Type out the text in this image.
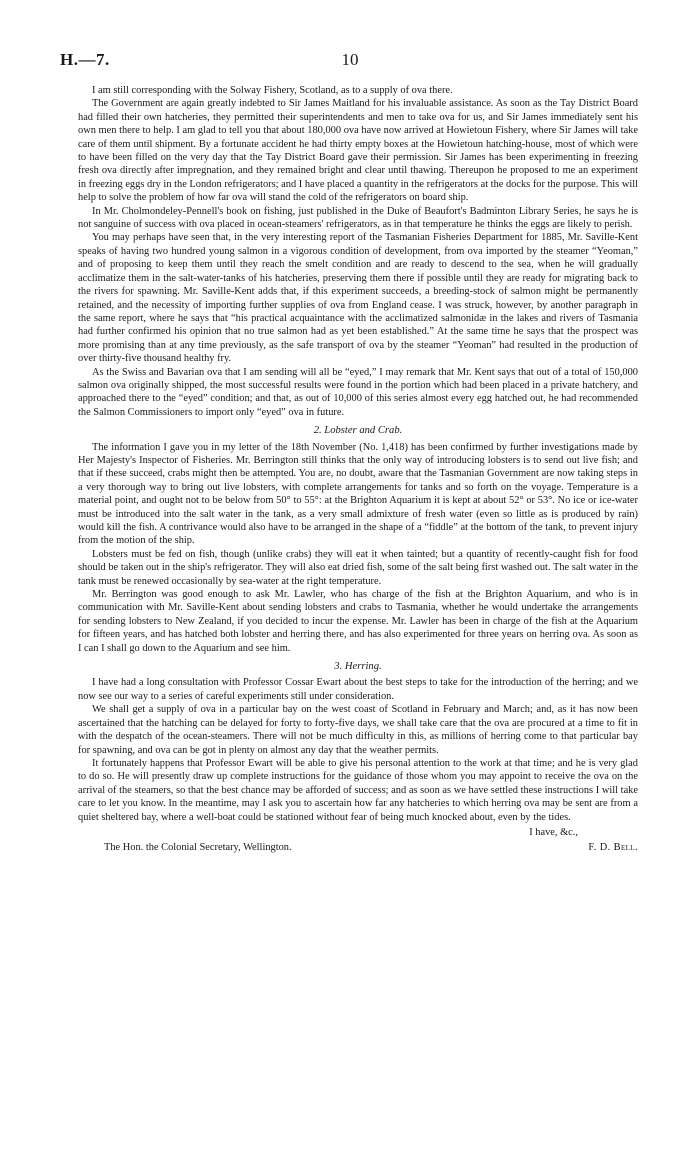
H.—7.	10

I am still corresponding with the Solway Fishery, Scotland, as to a supply of ova there.

The Government are again greatly indebted to Sir James Maitland for his invaluable assistance. As soon as the Tay District Board had filled their own hatcheries, they permitted their superintendents and men to take ova for us, and Sir James immediately sent his own men there to help. I am glad to tell you that about 180,000 ova have now arrived at Howietoun Fishery, where Sir James will take care of them until shipment. By a fortunate accident he had thirty empty boxes at the Howietoun hatching-house, most of which were to have been filled on the very day that the Tay District Board gave their permission. Sir James has been experimenting in freezing fresh ova directly after impregnation, and they remained bright and clear until thawing. Thereupon he proposed to me an experiment in freezing eggs dry in the London refrigerators; and I have placed a quantity in the refrigerators at the docks for the purpose. This will help to solve the problem of how far ova will stand the cold of the refrigerators on board ship.

In Mr. Cholmondeley-Pennell's book on fishing, just published in the Duke of Beaufort's Badminton Library Series, he says he is not sanguine of success with ova placed in ocean-steamers' refrigerators, as in that temperature he thinks the eggs are likely to perish.

You may perhaps have seen that, in the very interesting report of the Tasmanian Fisheries Department for 1885, Mr. Saville-Kent speaks of having two hundred young salmon in a vigorous condition of development, from ova imported by the steamer “Yeoman,” and of proposing to keep them until they reach the smelt condition and are ready to descend to the sea, when he will gradually acclimatize them in the salt-water-tanks of his hatcheries, preserving them there if possible until they are ready for migrating back to the rivers for spawning. Mr. Saville-Kent adds that, if this experiment succeeds, a breeding-stock of salmon might be permanently retained, and the necessity of importing further supplies of ova from England cease. I was struck, however, by another paragraph in the same report, where he says that “his practical acquaintance with the acclimatized salmonidæ in the lakes and rivers of Tasmania had further confirmed his opinion that no true salmon had as yet been established.” At the same time he says that the prospect was more promising than at any time previously, as the safe transport of ova by the steamer “Yeoman” had resulted in the production of over thirty-five thousand healthy fry.

As the Swiss and Bavarian ova that I am sending will all be “eyed,” I may remark that Mr. Kent says that out of a total of 150,000 salmon ova originally shipped, the most successful results were found in the portion which had been placed in a private hatchery, and approached there to the “eyed” condition; and that, as out of 10,000 of this series almost every egg hatched out, he had recommended the Salmon Commissioners to import only “eyed” ova in future.

2. Lobster and Crab.

The information I gave you in my letter of the 18th November (No. 1,418) has been confirmed by further investigations made by Her Majesty's Inspector of Fisheries. Mr. Berrington still thinks that the only way of introducing lobsters is to send out live fish; and that if these succeed, crabs might then be attempted. You are, no doubt, aware that the Tasmanian Government are now taking steps in a very thorough way to bring out live lobsters, with complete arrangements for tanks and so forth on the voyage. Temperature is a material point, and ought not to be below from 50° to 55°: at the Brighton Aquarium it is kept at about 52° or 53°. No ice or ice-water must be introduced into the salt water in the tank, as a very small admixture of fresh water (even so little as is produced by rain) would kill the fish. A contrivance would also have to be arranged in the shape of a “fiddle” at the bottom of the tank, to prevent injury from the motion of the ship.

Lobsters must be fed on fish, though (unlike crabs) they will eat it when tainted; but a quantity of recently-caught fish for food should be taken out in the ship's refrigerator. They will also eat dried fish, some of the salt being first washed out. The salt water in the tank must be renewed occasionally by sea-water at the right temperature.

Mr. Berrington was good enough to ask Mr. Lawler, who has charge of the fish at the Brighton Aquarium, and who is in communication with Mr. Saville-Kent about sending lobsters and crabs to Tasmania, whether he would undertake the arrangements for sending lobsters to New Zealand, if you decided to incur the expense. Mr. Lawler has been in charge of the fish at the Aquarium for fifteen years, and has hatched both lobster and herring there, and has also experimented for three years on herring ova. As soon as I can I shall go down to the Aquarium and see him.

3. Herring.

I have had a long consultation with Professor Cossar Ewart about the best steps to take for the introduction of the herring; and we now see our way to a series of careful experiments still under consideration.

We shall get a supply of ova in a particular bay on the west coast of Scotland in February and March; and, as it has now been ascertained that the hatching can be delayed for forty to forty-five days, we shall take care that the ova are procured at a time to fit in with the despatch of the ocean-steamers. There will not be much difficulty in this, as millions of herring come to that particular bay for spawning, and ova can be got in plenty on almost any day that the weather permits.

It fortunately happens that Professor Ewart will be able to give his personal attention to the work at that time; and he is very glad to do so. He will presently draw up complete instructions for the guidance of those whom you may appoint to receive the ova on the arrival of the steamers, so that the best chance may be afforded of success; and as soon as we have settled these instructions I will take care to let you know. In the meantime, may I ask you to ascertain how far any hatcheries to which herring ova may be sent are from a quiet sheltered bay, where a well-boat could be stationed without fear of being much knocked about, even by the tides.

I have, &c.,
The Hon. the Colonial Secretary, Wellington.	F. D. Bell.
